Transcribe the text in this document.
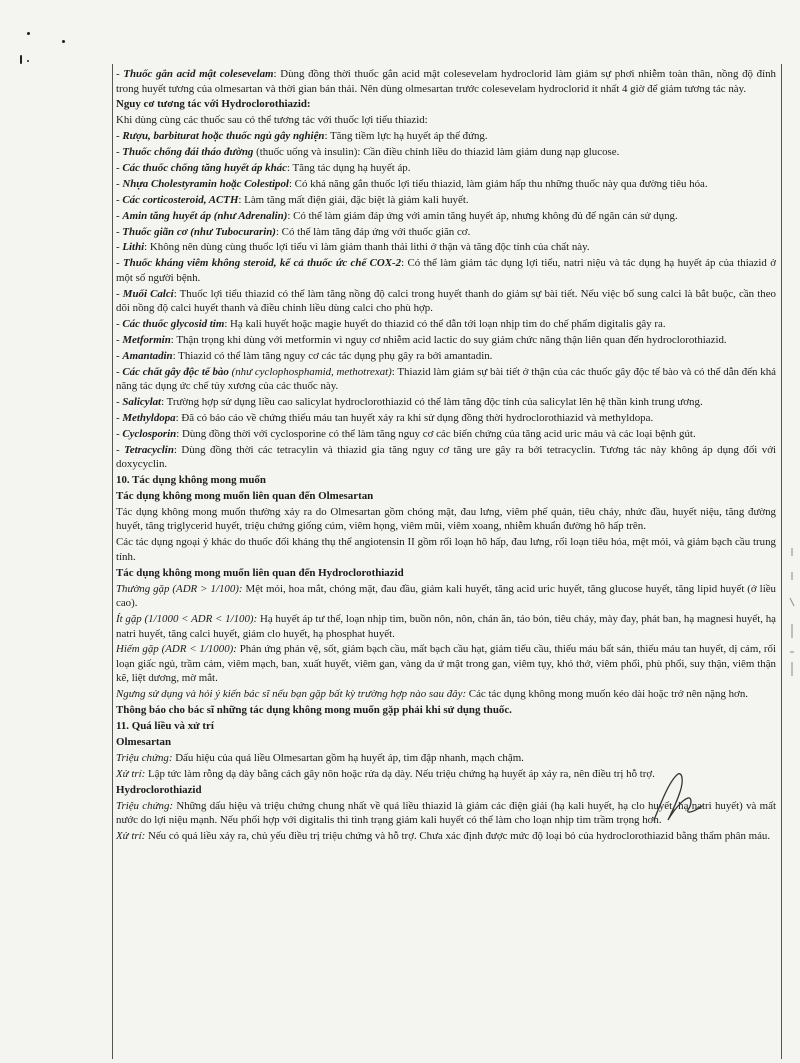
- Thuốc gắn acid mật colesevelam: Dùng đồng thời thuốc gắn acid mật colesevelam hydroclorid làm giảm sự phơi nhiễm toàn thân, nồng độ đỉnh trong huyết tương của olmesartan và thời gian bán thải. Nên dùng olmesartan trước colesevelam hydroclorid ít nhất 4 giờ để giảm tương tác này.

Nguy cơ tương tác với Hydroclorothiazid:

Khi dùng cùng các thuốc sau có thể tương tác với thuốc lợi tiểu thiazid:

- Rượu, barbiturat hoặc thuốc ngủ gây nghiện: Tăng tiềm lực hạ huyết áp thế đứng.

- Thuốc chống đái tháo đường (thuốc uống và insulin): Cần điều chỉnh liều do thiazid làm giảm dung nạp glucose.

- Các thuốc chống tăng huyết áp khác: Tăng tác dụng hạ huyết áp.

- Nhựa Cholestyramin hoặc Colestipol: Có khả năng gắn thuốc lợi tiểu thiazid, làm giảm hấp thu những thuốc này qua đường tiêu hóa.

- Các corticosteroid, ACTH: Làm tăng mất điện giải, đặc biệt là giảm kali huyết.

- Amin tăng huyết áp (như Adrenalin): Có thể làm giảm đáp ứng với amin tăng huyết áp, nhưng không đủ để ngăn cản sử dụng.

- Thuốc giãn cơ (như Tubocurarin): Có thể làm tăng đáp ứng với thuốc giãn cơ.

- Lithi: Không nên dùng cùng thuốc lợi tiểu vì làm giảm thanh thải lithi ở thận và tăng độc tính của chất này.

- Thuốc kháng viêm không steroid, kể cả thuốc ức chế COX-2: Có thể làm giảm tác dụng lợi tiểu, natri niệu và tác dụng hạ huyết áp của thiazid ở một số người bệnh.

- Muối Calci: Thuốc lợi tiểu thiazid có thể làm tăng nồng độ calci trong huyết thanh do giảm sự bài tiết. Nếu việc bổ sung calci là bắt buộc, cần theo dõi nồng độ calci huyết thanh và điều chỉnh liều dùng calci cho phù hợp.

- Các thuốc glycosid tim: Hạ kali huyết hoặc magie huyết do thiazid có thể dẫn tới loạn nhịp tim do chế phẩm digitalis gây ra.

- Metformin: Thận trọng khi dùng với metformin vì nguy cơ nhiễm acid lactic do suy giảm chức năng thận liên quan đến hydroclorothiazid.

- Amantadin: Thiazid có thể làm tăng nguy cơ các tác dụng phụ gây ra bởi amantadin.

- Các chất gây độc tế bào (như cyclophosphamid, methotrexat): Thiazid làm giảm sự bài tiết ở thận của các thuốc gây độc tế bào và có thể dẫn đến khả năng tác dụng ức chế tủy xương của các thuốc này.

- Salicylat: Trường hợp sử dụng liều cao salicylat hydroclorothiazid có thể làm tăng độc tính của salicylat lên hệ thần kinh trung ương.

- Methyldopa: Đã có báo cáo về chứng thiếu máu tan huyết xảy ra khi sử dụng đồng thời hydroclorothiazid và methyldopa.

- Cyclosporin: Dùng đồng thời với cyclosporine có thể làm tăng nguy cơ các biến chứng của tăng acid uric máu và các loại bệnh gút.

- Tetracyclin: Dùng đồng thời các tetracylin và thiazid gia tăng nguy cơ tăng ure gây ra bởi tetracyclin. Tương tác này không áp dụng đối với doxycyclin.

10. Tác dụng không mong muốn

Tác dụng không mong muốn liên quan đến Olmesartan

Tác dụng không mong muốn thường xảy ra do Olmesartan gồm chóng mặt, đau lưng, viêm phế quản, tiêu chảy, nhức đầu, huyết niệu, tăng đường huyết, tăng triglycerid huyết, triệu chứng giống cúm, viêm họng, viêm mũi, viêm xoang, nhiễm khuẩn đường hô hấp trên.

Các tác dụng ngoại ý khác do thuốc đối kháng thụ thể angiotensin II gồm rối loạn hô hấp, đau lưng, rối loạn tiêu hóa, mệt mỏi, và giảm bạch cầu trung tính.

Tác dụng không mong muốn liên quan đến Hydroclorothiazid

Thường gặp (ADR > 1/100): Mệt mỏi, hoa mắt, chóng mặt, đau đầu, giảm kali huyết, tăng acid uric huyết, tăng glucose huyết, tăng lipid huyết (ở liều cao).

Ít gặp (1/1000 < ADR < 1/100): Hạ huyết áp tư thế, loạn nhịp tim, buồn nôn, nôn, chán ăn, táo bón, tiêu chảy, mày đay, phát ban, hạ magnesi huyết, hạ natri huyết, tăng calci huyết, giảm clo huyết, hạ phosphat huyết.

Hiếm gặp (ADR < 1/1000): Phản ứng phản vệ, sốt, giảm bạch cầu, mất bạch cầu hạt, giảm tiểu cầu, thiếu máu bất sản, thiếu máu tan huyết, dị cảm, rối loạn giấc ngủ, trầm cảm, viêm mạch, ban, xuất huyết, viêm gan, vàng da ứ mật trong gan, viêm tụy, khó thở, viêm phổi, phù phổi, suy thận, viêm thận kẽ, liệt dương, mờ mắt.

Ngưng sử dụng và hỏi ý kiến bác sĩ nếu bạn gặp bất kỳ trường hợp nào sau đây: Các tác dụng không mong muốn kéo dài hoặc trở nên nặng hơn.

Thông báo cho bác sĩ những tác dụng không mong muốn gặp phải khi sử dụng thuốc.

11. Quá liều và xử trí

Olmesartan

Triệu chứng: Dấu hiệu của quá liều Olmesartan gồm hạ huyết áp, tim đập nhanh, mạch chậm.

Xử trí: Lập tức làm rỗng dạ dày bằng cách gây nôn hoặc rửa dạ dày. Nếu triệu chứng hạ huyết áp xảy ra, nên điều trị hỗ trợ.

Hydroclorothiazid

Triệu chứng: Những dấu hiệu và triệu chứng chung nhất về quá liều thiazid là giảm các điện giải (hạ kali huyết, hạ clo huyết, hạ natri huyết) và mất nước do lợi niệu mạnh. Nếu phối hợp với digitalis thì tình trạng giảm kali huyết có thể làm cho loạn nhịp tim trầm trọng hơn.

Xử trí: Nếu có quá liều xảy ra, chủ yếu điều trị triệu chứng và hỗ trợ. Chưa xác định được mức độ loại bỏ của hydroclorothiazid bằng thẩm phân máu.
